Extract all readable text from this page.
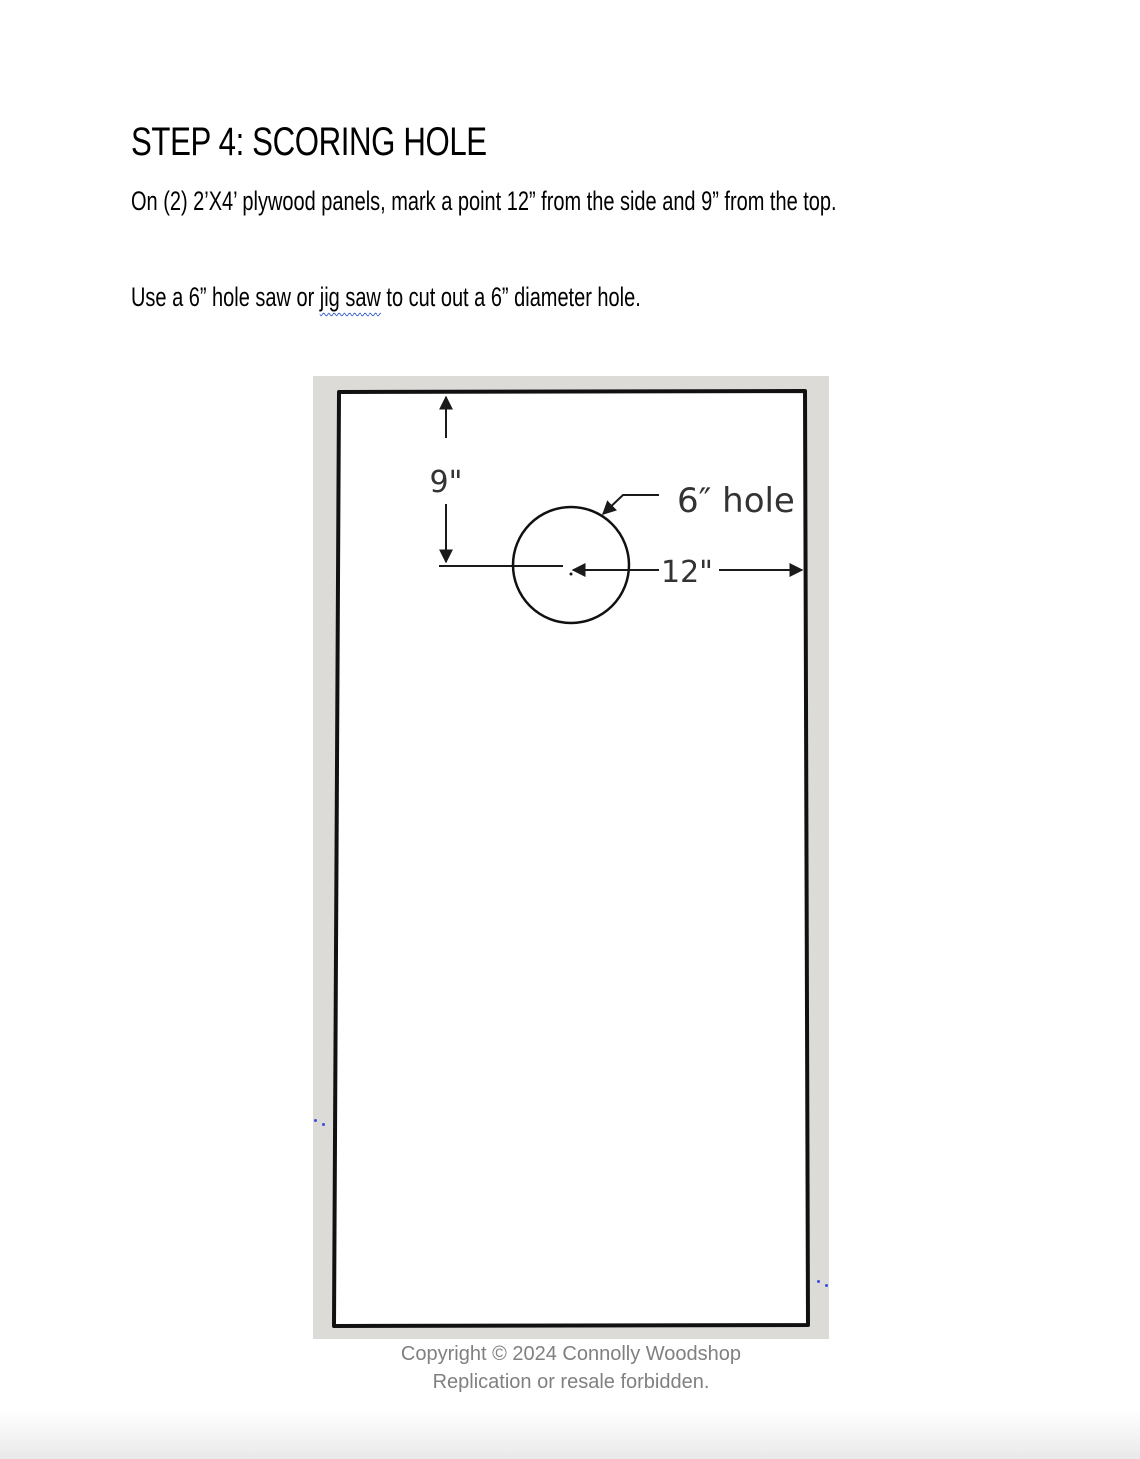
STEP 4: SCORING HOLE

On (2) 2’X4’ plywood panels, mark a point 12” from the side and 9” from the top.

Use a 6” hole saw or jig saw to cut out a 6” diameter hole.

9"	6″ hole
12"

Copyright © 2024 Connolly Woodshop

Replication or resale forbidden.
